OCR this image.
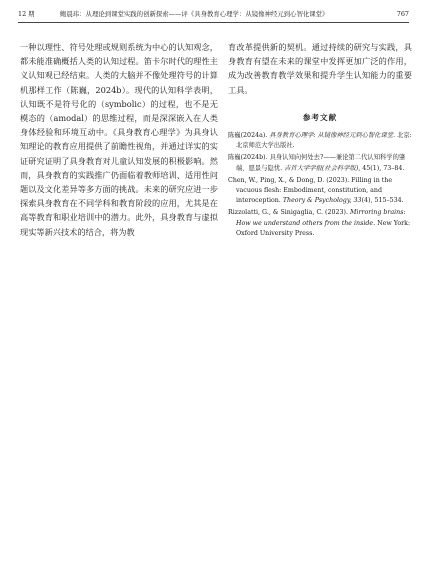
12 期	鲍晨玮：从理论到课堂实践的创新探索——评《具身教育心理学：从镜像神经元到心智化课堂》	767

一种以理性、符号处理或规则系统为中心的认知观念，都未能准确概括人类的认知过程。笛卡尔时代的理性主义认知观已经结束。人类的大脑并不像处理符号的计算机那样工作（陈巍，2024b）。现代的认知科学表明，认知既不是符号化的（symbolic）的过程，也不是无模态的（amodal）的思维过程，而是深深嵌入在人类身体经验和环境互动中。《具身教育心理学》为具身认知理论的教育应用提供了前瞻性视角，并通过详实的实证研究证明了具身教育对儿童认知发展的积极影响。然而，具身教育的实践推广仍面临着教师培训、适用性问题以及文化差异等多方面的挑战。未来的研究应进一步探索具身教育在不同学科和教育阶段的应用，尤其是在高等教育和职业培训中的潜力。此外，具身教育与虚拟现实等新兴技术的结合，将为教

育改革提供新的契机。通过持续的研究与实践，具身教育有望在未来的课堂中发挥更加广泛的作用，成为改善教育教学效果和提升学生认知能力的重要工具。

参考文献
陈巍(2024a). 具身教育心理学: 从镜像神经元到心智化课堂. 北京: 北京师范大学出版社.
陈巍(2024b). 具身认知向何处去?——兼论第二代认知科学的肇端、愿景与隐忧. 吉首大学学报(社会科学版), 45(1), 73–84.
Chen, W., Ping, X., & Dong, D. (2023). Filling in the vacuous flesh: Embodiment, constitution, and interoception. Theory & Psychology, 33(4), 515–534.
Rizzolatti, G., & Sinigaglia, C. (2023). Mirroring brains: How we understand others from the inside. New York: Oxford University Press.
